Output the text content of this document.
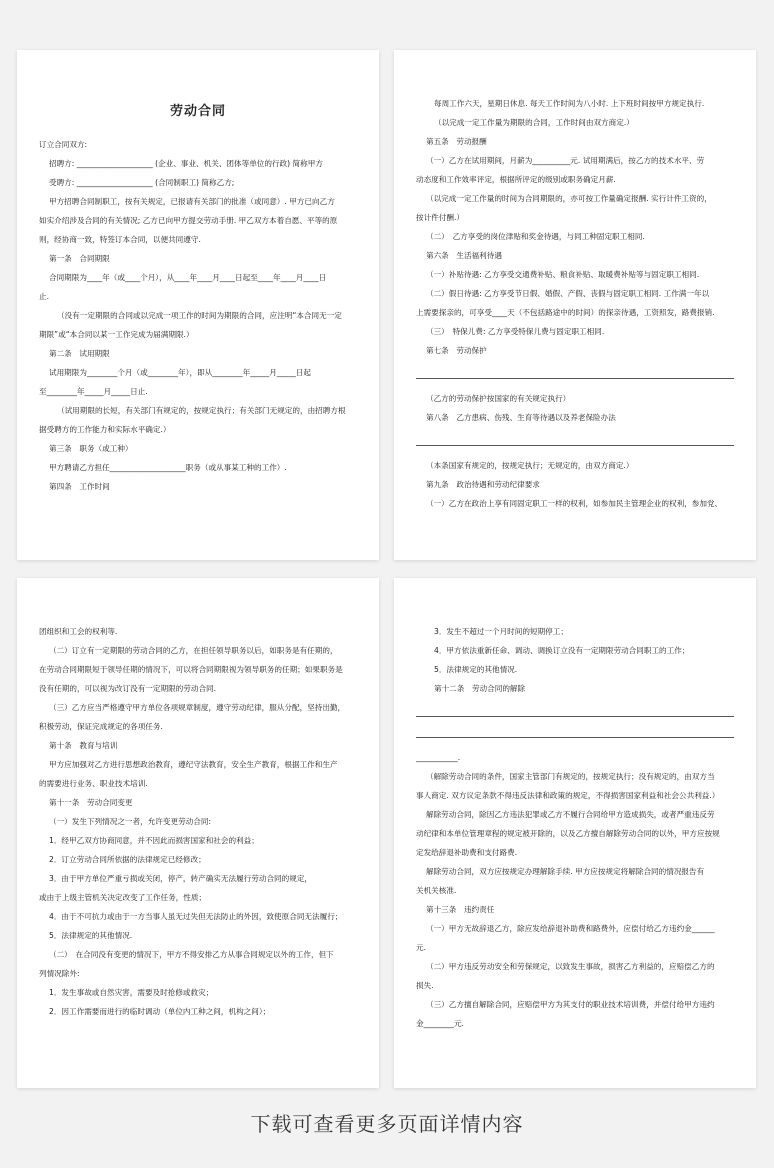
劳动合同

订立合同双方:

招聘方: ____________________ (企业、事业、机关、团体等单位的行政) 简称甲方

受聘方: ____________________ (合同制职工) 简称乙方;

甲方招聘合同制职工，按有关规定，已报请有关部门的批准（或同意）. 甲方已向乙方

如实介绍涉及合同的有关情况; 乙方已向甲方提交劳动手册. 甲乙双方本着自愿、平等的原

则，经协商一致，特签订本合同，以便共同遵守.

第一条　合同期限

合同期限为____年（或____个月），从____年____月____日起至____年____月____日

止.

（没有一定期限的合同或以完成一项工作的时间为期限的合同，应注明“本合同无一定

期限”或“本合同以某一工作完成为届满期限.）

第二条　试用期限

试用期限为________个月（或________年），即从________年_____月_____日起

至________年_____月_____日止.

（试用期限的长短，有关部门有规定的，按规定执行；有关部门无规定的，由招聘方根

据受聘方的工作能力和实际水平确定.）

第三条　职务（或工种）

甲方聘请乙方担任____________________职务（或从事某工种的工作）.

第四条　工作时间

每周工作六天，星期日休息. 每天工作时间为八小时. 上下班时间按甲方规定执行.

（以完成一定工作量为期限的合同，工作时间由双方商定.）

第五条　劳动报酬

（一）乙方在试用期间，月薪为__________元. 试用期满后，按乙方的技术水平、劳

动态度和工作效率评定，根据所评定的级别或职务确定月薪.

（以完成一定工作量的时间为合同期限的，亦可按工作量确定报酬. 实行计件工资的，

按计件付酬.）

（二）　乙方享受的岗位津贴和奖金待遇，与同工种固定职工相同.

第六条　生活福利待遇

（一）补贴待遇: 乙方享受交通费补贴、粮食补贴、取暖费补贴等与固定职工相同.

（二）假日待遇: 乙方享受节日假、婚假、产假、丧假与固定职工相同. 工作满一年以

上需要探亲的，可享受____天（不包括路途中的时间）的探亲待遇，工资照发，路费报销.

（三）　特保儿费: 乙方享受特保儿费与固定职工相同.

第七条　劳动保护

（乙方的劳动保护按国家的有关规定执行）

第八条　乙方患病、伤残、生育等待遇以及养老保险办法

（本条国家有规定的，按规定执行；无规定的，由双方商定.）

第九条　政治待遇和劳动纪律要求

（一）乙方在政治上享有同固定职工一样的权利，如参加民主管理企业的权利，参加党、

团组织和工会的权利等.

（二）订立有一定期限的劳动合同的乙方，在担任领导职务以后，如职务是有任期的，

在劳动合同期限短于领导任期的情况下，可以将合同期限视为领导职务的任期；如果职务是

没有任期的，可以视为改订没有一定期限的劳动合同.

（三）乙方应当严格遵守甲方单位各项规章制度，遵守劳动纪律，服从分配，坚持出勤，

积极劳动，保证完成规定的各项任务.

第十条　教育与培训

甲方应加强对乙方进行思想政治教育，遵纪守法教育，安全生产教育，根据工作和生产

的需要进行业务、职业技术培训.

第十一条　劳动合同变更

（一）发生下列情况之一者，允许变更劳动合同:

1．经甲乙双方协商同意，并不因此而损害国家和社会的利益；

2．订立劳动合同所依据的法律规定已经修改；

3．由于甲方单位严重亏损或关闭，停产，转产确实无法履行劳动合同的规定，

或由于上级主管机关决定改变了工作任务，性质；

4．由于不可抗力或由于一方当事人虽无过失但无法防止的外因，致使原合同无法履行；

5．法律规定的其他情况.

（二）　在合同没有变更的情况下，甲方不得安排乙方从事合同规定以外的工作，但下

列情况除外:

1．发生事故或自然灾害，需要及时抢修或救灾；

2．因工作需要而进行的临时调动（单位内工种之间，机构之间）；

3．发生不超过一个月时间的短期停工；

4．甲方依法重新任命、调动、调换订立没有一定期限劳动合同职工的工作；

5．法律规定的其他情况.

第十二条　劳动合同的解除

___________.

（解除劳动合同的条件，国家主管部门有规定的，按规定执行；没有规定的，由双方当

事人商定. 双方议定条款不得违反法律和政策的规定，不得损害国家利益和社会公共利益.）

解除劳动合同，除因乙方违法犯罪或乙方不履行合同给甲方造成损失，或者严重违反劳

动纪律和本单位管理章程的规定被开除的，以及乙方擅自解除劳动合同的以外，甲方应按规

定发给辞退补助费和支付路费.

解除劳动合同，双方应按规定办理解除手续. 甲方应按规定将解除合同的情况报告有

关机关核准.

第十三条　违约责任

（一）甲方无故辞退乙方，除应发给辞退补助费和路费外，应偿付给乙方违约金______

元.

（二）甲方违反劳动安全和劳保规定，以致发生事故，损害乙方利益的，应赔偿乙方的

损失.

（三）乙方擅自解除合同，应赔偿甲方为其支付的职业技术培训费，并偿付给甲方违约

金________元.

下载可查看更多页面详情内容
